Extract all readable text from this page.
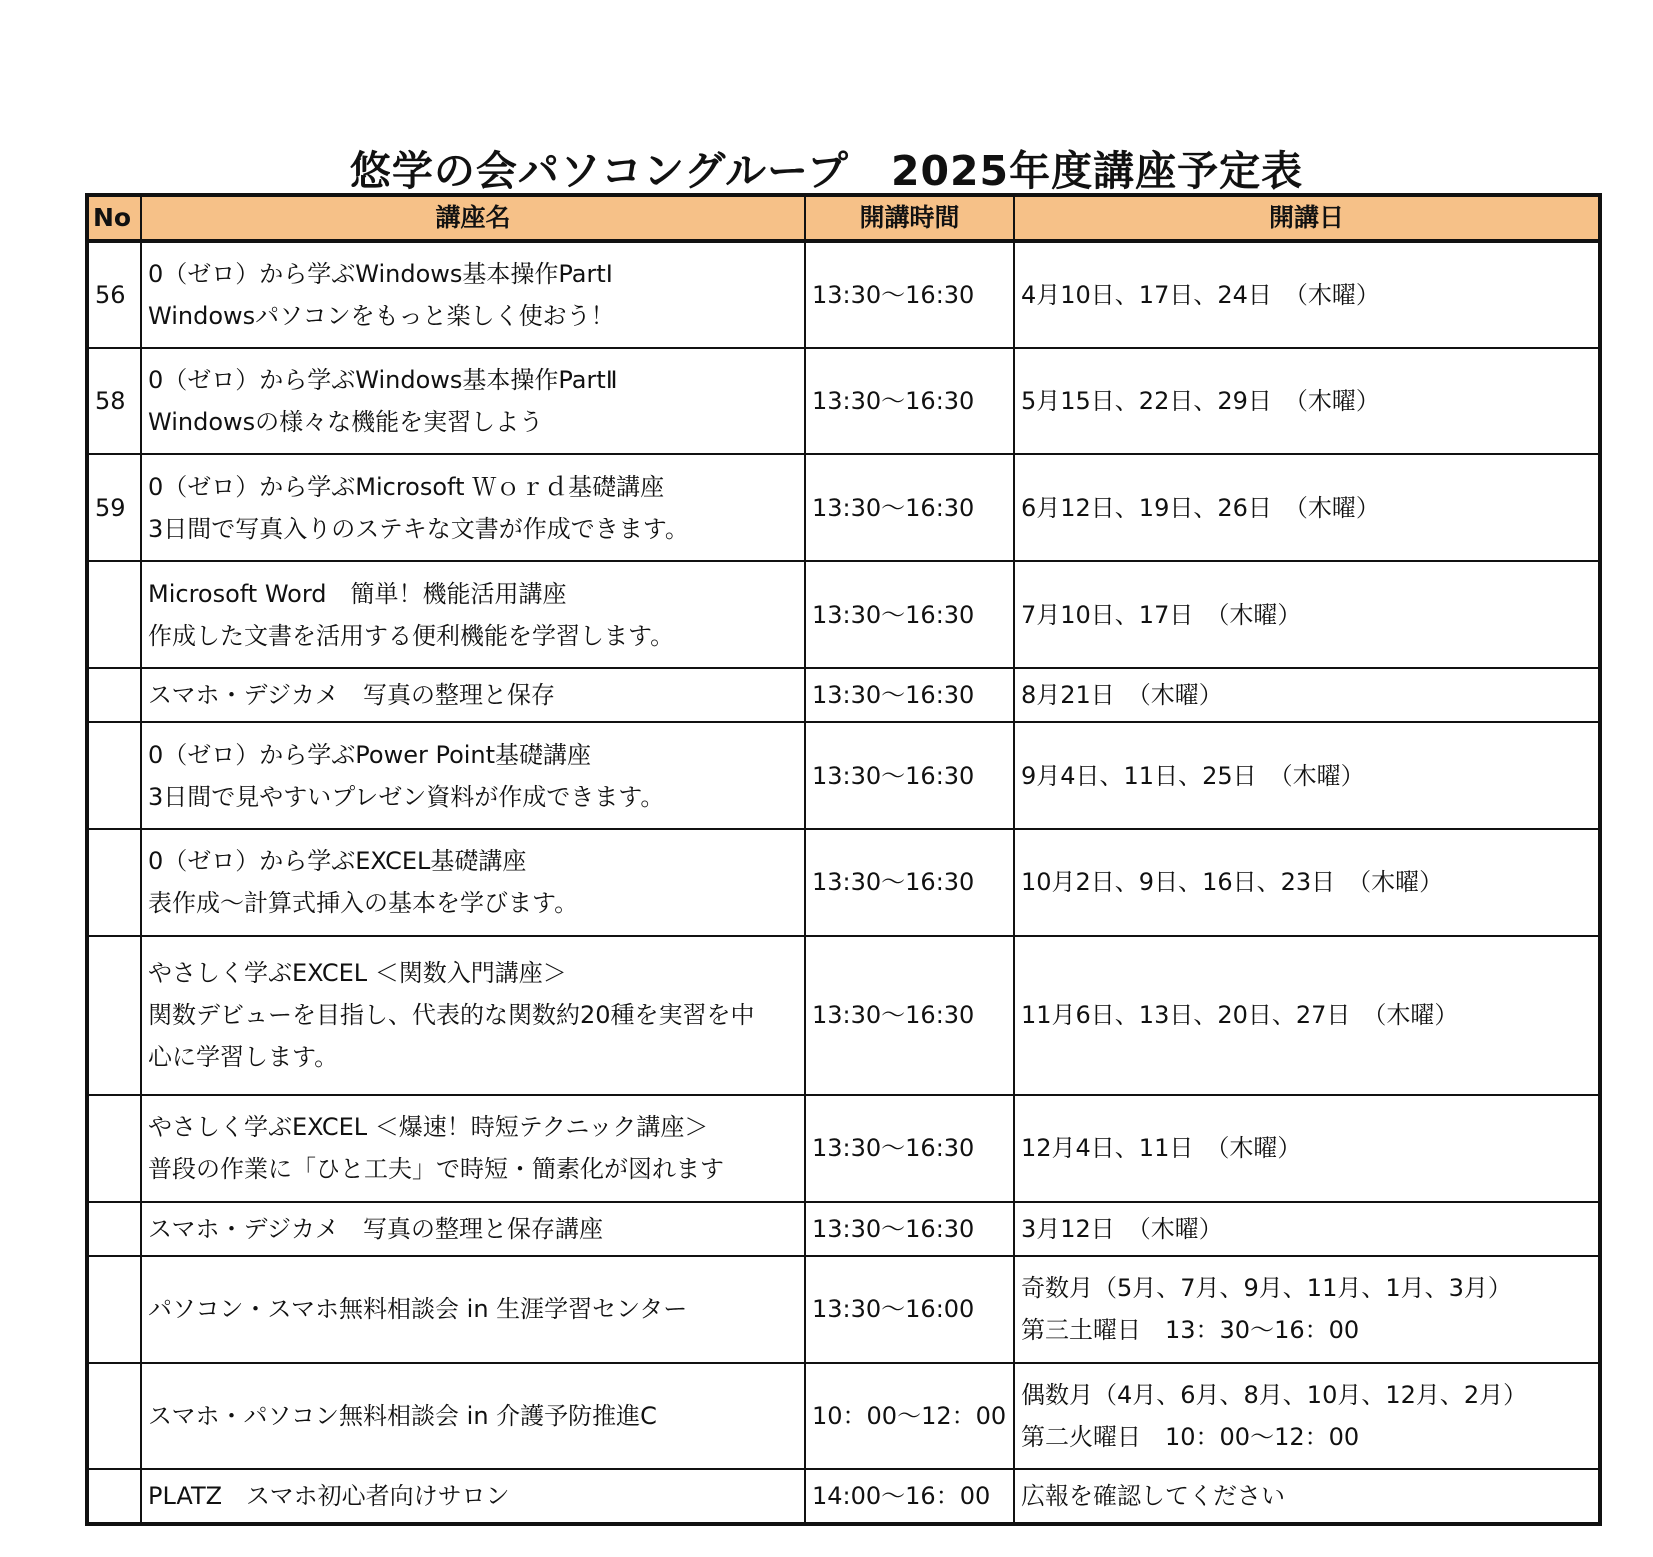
悠学の会パソコングループ　2025年度講座予定表
No	講座名	開講時間	開講日
56	0（ゼロ）から学ぶWindows基本操作PartⅠ
Windowsパソコンをもっと楽しく使おう！	13:30～16:30	4月10日、17日、24日　（木曜）

58	0（ゼロ）から学ぶWindows基本操作PartⅡ
Windowsの様々な機能を実習しよう	13:30～16:30	5月15日、22日、29日　（木曜）

59	0（ゼロ）から学ぶMicrosoft Ｗｏｒｄ基礎講座
3日間で写真入りのステキな文書が作成できます。	13:30～16:30	6月12日、19日、26日　（木曜）

	Microsoft Word　簡単！機能活用講座
作成した文書を活用する便利機能を学習します。	13:30～16:30	7月10日、17日　（木曜）

	スマホ・デジカメ　写真の整理と保存	13:30～16:30	8月21日　（木曜）

	0（ゼロ）から学ぶPower Point基礎講座
3日間で見やすいプレゼン資料が作成できます。	13:30～16:30	9月4日、11日、25日　（木曜）

	0（ゼロ）から学ぶEXCEL基礎講座
表作成～計算式挿入の基本を学びます。	13:30～16:30	10月2日、9日、16日、23日　（木曜）

	やさしく学ぶEXCEL ＜関数入門講座＞
関数デビューを目指し、代表的な関数約20種を実習を中
心に学習します。	13:30～16:30	11月6日、13日、20日、27日　（木曜）

	やさしく学ぶEXCEL ＜爆速！時短テクニック講座＞
普段の作業に「ひと工夫」で時短・簡素化が図れます	13:30～16:30	12月4日、11日　（木曜）

	スマホ・デジカメ　写真の整理と保存講座	13:30～16:30	3月12日　（木曜）

	パソコン・スマホ無料相談会 in 生涯学習センター	13:30～16:00	奇数月（5月、7月、9月、11月、1月、3月）
第三土曜日　13：30～16：00

	スマホ・パソコン無料相談会 in 介護予防推進C	10：00～12：00	偶数月（4月、6月、8月、10月、12月、2月）
第二火曜日　10：00～12：00

	PLATZ　スマホ初心者向けサロン	14:00～16：00	広報を確認してください
